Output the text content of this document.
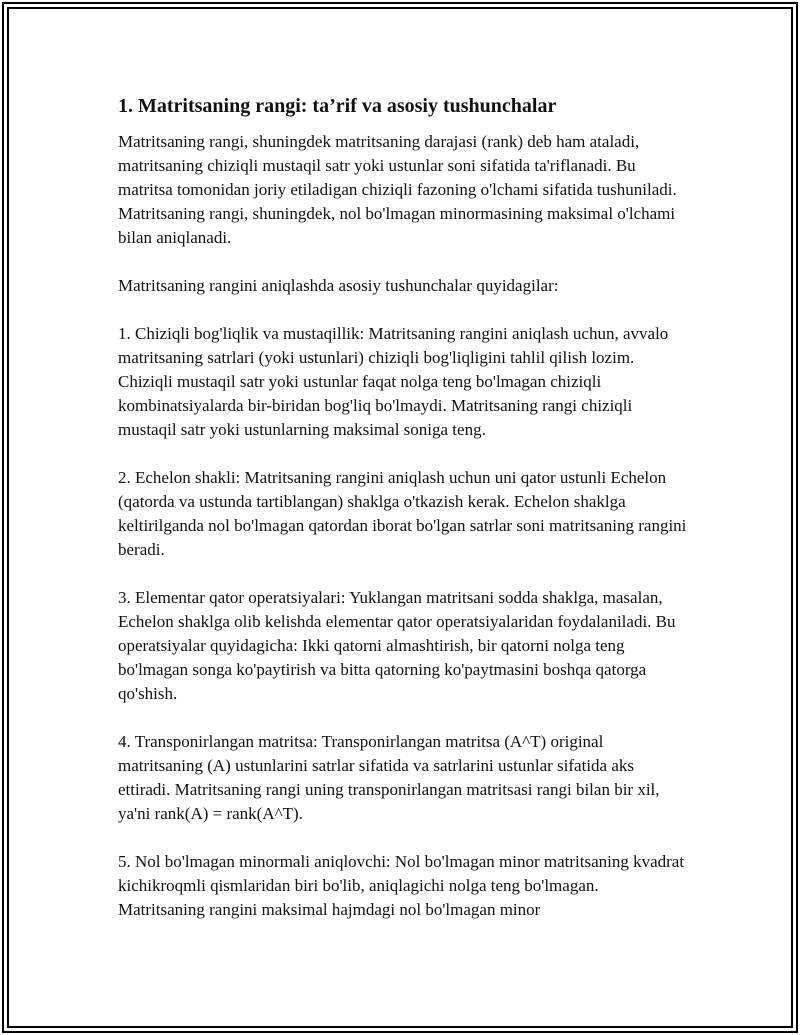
1. Matritsaning rangi: ta’rif va asosiy tushunchalar

Matritsaning rangi, shuningdek matritsaning darajasi (rank) deb ham ataladi, matritsaning chiziqli mustaqil satr yoki ustunlar soni sifatida ta'riflanadi. Bu matritsa tomonidan joriy etiladigan chiziqli fazoning o'lchami sifatida tushuniladi. Matritsaning rangi, shuningdek, nol bo'lmagan minormasining maksimal o'lchami bilan aniqlanadi.

Matritsaning rangini aniqlashda asosiy tushunchalar quyidagilar:

1. Chiziqli bog'liqlik va mustaqillik: Matritsaning rangini aniqlash uchun, avvalo matritsaning satrlari (yoki ustunlari) chiziqli bog'liqligini tahlil qilish lozim. Chiziqli mustaqil satr yoki ustunlar faqat nolga teng bo'lmagan chiziqli kombinatsiyalarda bir-biridan bog'liq bo'lmaydi. Matritsaning rangi chiziqli mustaqil satr yoki ustunlarning maksimal soniga teng.

2. Echelon shakli: Matritsaning rangini aniqlash uchun uni qator ustunli Echelon (qatorda va ustunda tartiblangan) shaklga o'tkazish kerak. Echelon shaklga keltirilganda nol bo'lmagan qatordan iborat bo'lgan satrlar soni matritsaning rangini beradi.

3. Elementar qator operatsiyalari: Yuklangan matritsani sodda shaklga, masalan, Echelon shaklga olib kelishda elementar qator operatsiyalaridan foydalaniladi. Bu operatsiyalar quyidagicha: Ikki qatorni almashtirish, bir qatorni nolga teng bo'lmagan songa ko'paytirish va bitta qatorning ko'paytmasini boshqa qatorga qo'shish.

4. Transponirlangan matritsa: Transponirlangan matritsa (A^T) original matritsaning (A) ustunlarini satrlar sifatida va satrlarini ustunlar sifatida aks ettiradi. Matritsaning rangi uning transponirlangan matritsasi rangi bilan bir xil, ya'ni rank(A) = rank(A^T).

5. Nol bo'lmagan minormali aniqlovchi: Nol bo'lmagan minor matritsaning kvadrat kichikroqmli qismlaridan biri bo'lib, aniqlagichi nolga teng bo'lmagan. Matritsaning rangini maksimal hajmdagi nol bo'lmagan minor
